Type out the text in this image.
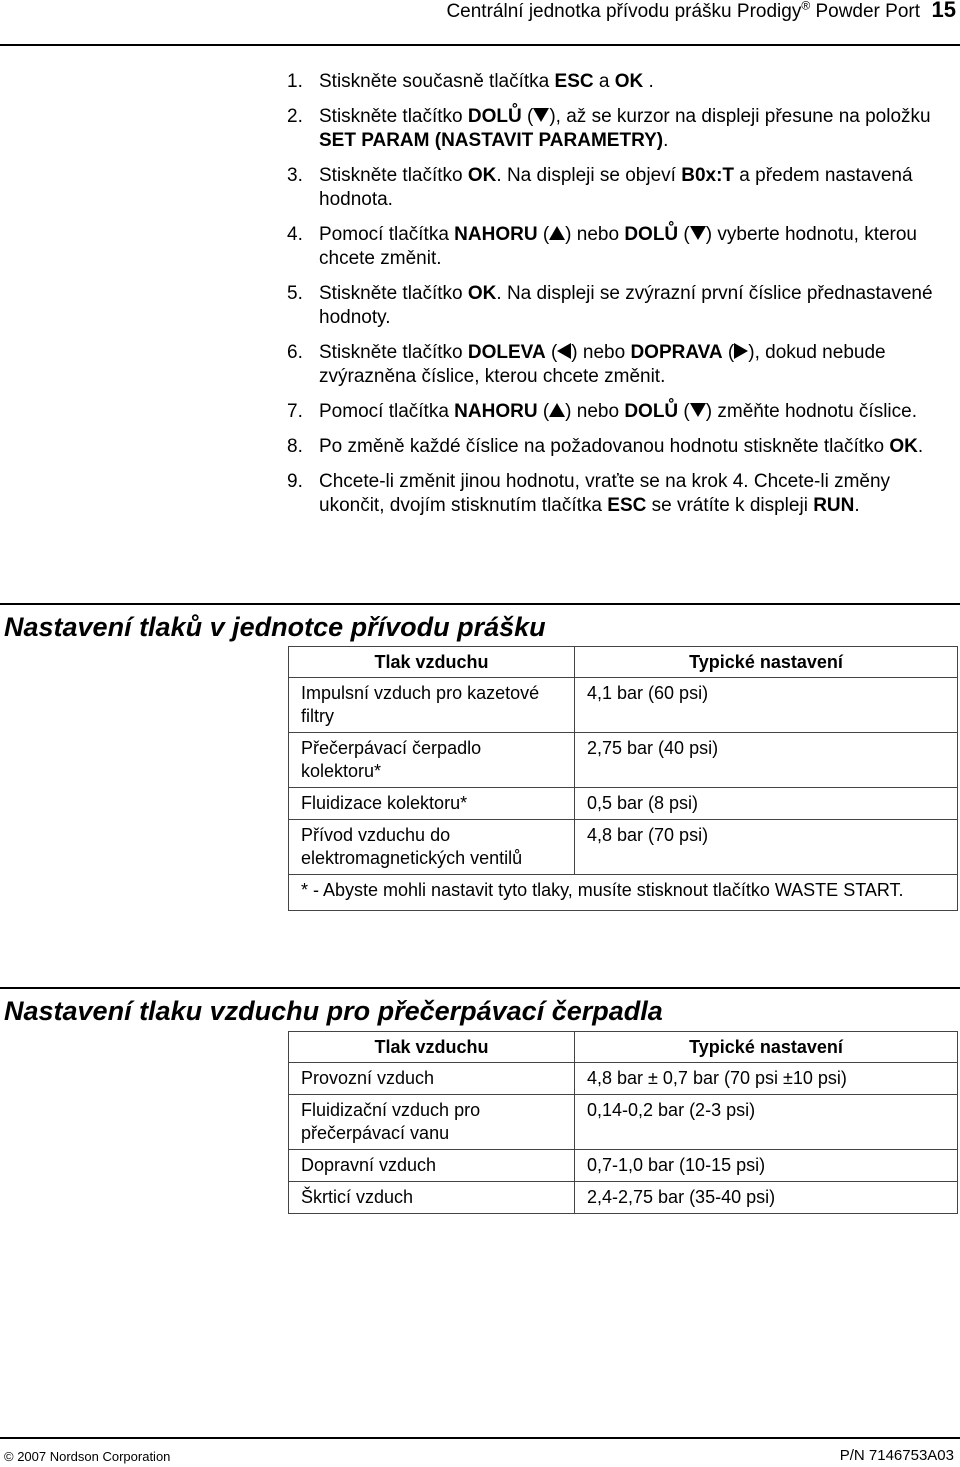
Centrální jednotka přívodu prášku Prodigy® Powder Port 15
1. Stiskněte současně tlačítka ESC a OK .
2. Stiskněte tlačítko DOLŮ ( ), až se kurzor na displeji přesune na položku SET PARAM (NASTAVIT PARAMETRY).
3. Stiskněte tlačítko OK. Na displeji se objeví B0x:T a předem nastavená hodnota.
4. Pomocí tlačítka NAHORU ( ) nebo DOLŮ ( ) vyberte hodnotu, kterou chcete změnit.
5. Stiskněte tlačítko OK. Na displeji se zvýrazní první číslice přednastavené hodnoty.
6. Stiskněte tlačítko DOLEVA ( ) nebo DOPRAVA ( ), dokud nebude zvýrazněna číslice, kterou chcete změnit.
7. Pomocí tlačítka NAHORU ( ) nebo DOLŮ ( ) změňte hodnotu číslice.
8. Po změně každé číslice na požadovanou hodnotu stiskněte tlačítko OK.
9. Chcete-li změnit jinou hodnotu, vraťte se na krok 4. Chcete-li změny ukončit, dvojím stisknutím tlačítka ESC se vrátíte k displeji RUN.
Nastavení tlaků v jednotce přívodu prášku
Tlak vzduchu	Typické nastavení
Impulsní vzduch pro kazetové filtry	4,1 bar (60 psi)
Přečerpávací čerpadlo kolektoru*	2,75 bar (40 psi)
Fluidizace kolektoru*	0,5 bar (8 psi)
Přívod vzduchu do elektromagnetických ventilů	4,8 bar (70 psi)
* - Abyste mohli nastavit tyto tlaky, musíte stisknout tlačítko WASTE START.	
Nastavení tlaku vzduchu pro přečerpávací čerpadla
Tlak vzduchu	Typické nastavení
Provozní vzduch	4,8 bar ± 0,7 bar (70 psi ±10 psi)
Fluidizační vzduch pro přečerpávací vanu	0,14-0,2 bar (2-3 psi)
Dopravní vzduch	0,7-1,0 bar (10-15 psi)
Škrticí vzduch	2,4-2,75 bar (35-40 psi)
© 2007 Nordson Corporation	P/N 7146753A03
